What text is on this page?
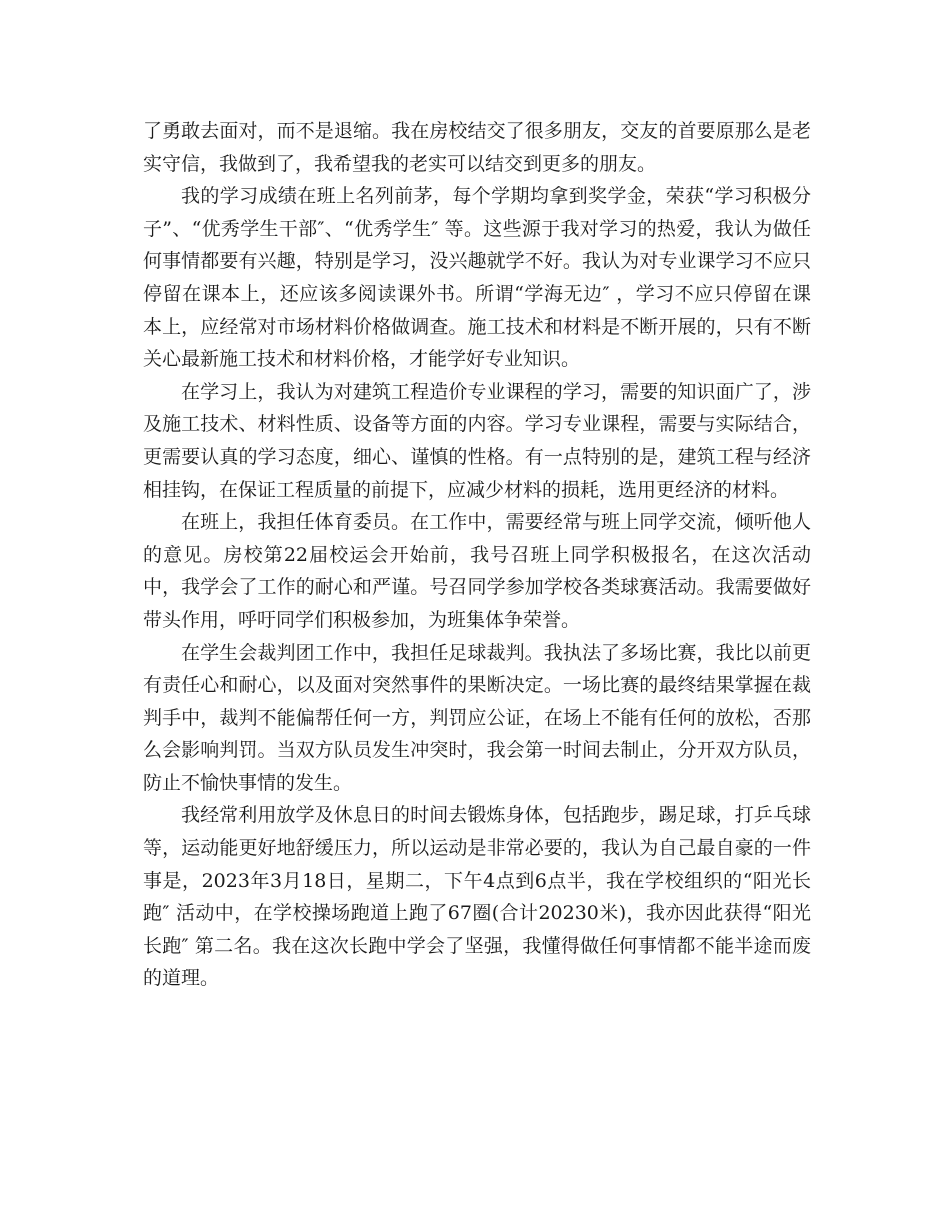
了勇敢去面对，而不是退缩。我在房校结交了很多朋友，交友的首要原那么是老实守信，我做到了，我希望我的老实可以结交到更多的朋友。

我的学习成绩在班上名列前茅，每个学期均拿到奖学金，荣获“学习积极分子”、“优秀学生干部″、“优秀学生″ 等。这些源于我对学习的热爱，我认为做任何事情都要有兴趣，特别是学习，没兴趣就学不好。我认为对专业课学习不应只停留在课本上，还应该多阅读课外书。所谓“学海无边″ ，学习不应只停留在课本上，应经常对市场材料价格做调查。施工技术和材料是不断开展的，只有不断关心最新施工技术和材料价格，才能学好专业知识。

在学习上，我认为对建筑工程造价专业课程的学习，需要的知识面广了，涉及施工技术、材料性质、设备等方面的内容。学习专业课程，需要与实际结合，更需要认真的学习态度，细心、谨慎的性格。有一点特别的是，建筑工程与经济相挂钩，在保证工程质量的前提下，应减少材料的损耗，选用更经济的材料。

在班上，我担任体育委员。在工作中，需要经常与班上同学交流，倾听他人的意见。房校第22届校运会开始前，我号召班上同学积极报名，在这次活动中，我学会了工作的耐心和严谨。号召同学参加学校各类球赛活动。我需要做好带头作用，呼吁同学们积极参加，为班集体争荣誉。

在学生会裁判团工作中，我担任足球裁判。我执法了多场比赛，我比以前更有责任心和耐心，以及面对突然事件的果断决定。一场比赛的最终结果掌握在裁判手中，裁判不能偏帮任何一方，判罚应公证，在场上不能有任何的放松，否那么会影响判罚。当双方队员发生冲突时，我会第一时间去制止，分开双方队员，防止不愉快事情的发生。

我经常利用放学及休息日的时间去锻炼身体，包括跑步，踢足球，打乒乓球等，运动能更好地舒缓压力，所以运动是非常必要的，我认为自己最自豪的一件事是，2023年3月18日，星期二，下午4点到6点半，我在学校组织的“阳光长跑″ 活动中，在学校操场跑道上跑了67圈(合计20230米)，我亦因此获得“阳光长跑″ 第二名。我在这次长跑中学会了坚强，我懂得做任何事情都不能半途而废的道理。
